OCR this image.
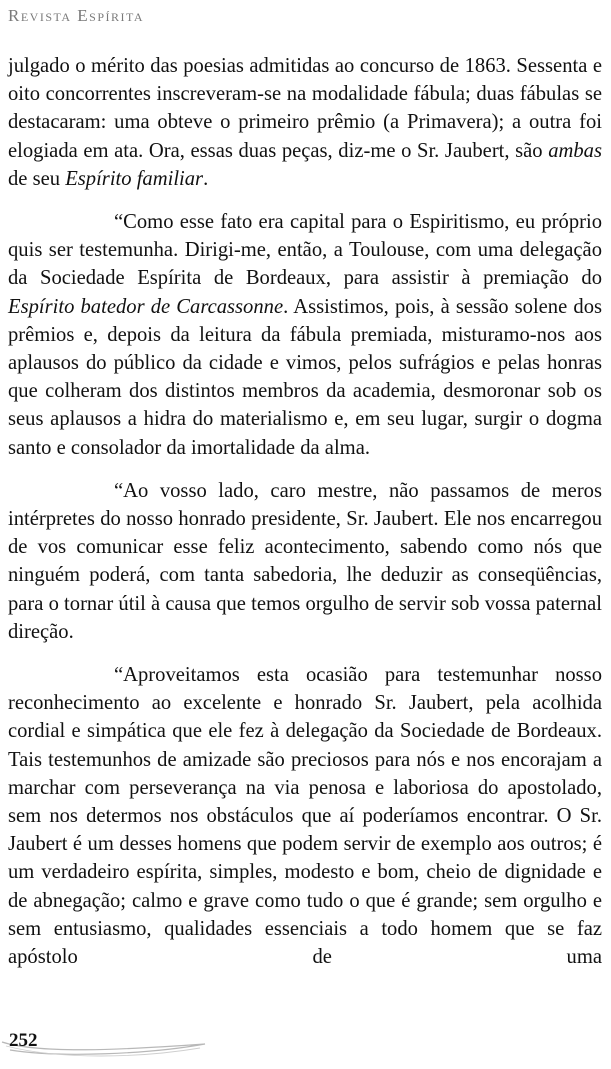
Revista Espírita

julgado o mérito das poesias admitidas ao concurso de 1863. Sessenta e oito concorrentes inscreveram-se na modalidade fábula; duas fábulas se destacaram: uma obteve o primeiro prêmio (a Primavera); a outra foi elogiada em ata. Ora, essas duas peças, diz-me o Sr. Jaubert, são ambas de seu Espírito familiar.

“Como esse fato era capital para o Espiritismo, eu próprio quis ser testemunha. Dirigi-me, então, a Toulouse, com uma delegação da Sociedade Espírita de Bordeaux, para assistir à premiação do Espírito batedor de Carcassonne. Assistimos, pois, à sessão solene dos prêmios e, depois da leitura da fábula premiada, misturamo-nos aos aplausos do público da cidade e vimos, pelos sufrágios e pelas honras que colheram dos distintos membros da academia, desmoronar sob os seus aplausos a hidra do materialismo e, em seu lugar, surgir o dogma santo e consolador da imortalidade da alma.

“Ao vosso lado, caro mestre, não passamos de meros intérpretes do nosso honrado presidente, Sr. Jaubert. Ele nos encarregou de vos comunicar esse feliz acontecimento, sabendo como nós que ninguém poderá, com tanta sabedoria, lhe deduzir as conseqüências, para o tornar útil à causa que temos orgulho de servir sob vossa paternal direção.

“Aproveitamos esta ocasião para testemunhar nosso reconhecimento ao excelente e honrado Sr. Jaubert, pela acolhida cordial e simpática que ele fez à delegação da Sociedade de Bordeaux. Tais testemunhos de amizade são preciosos para nós e nos encorajam a marchar com perseverança na via penosa e laboriosa do apostolado, sem nos determos nos obstáculos que aí poderíamos encontrar. O Sr. Jaubert é um desses homens que podem servir de exemplo aos outros; é um verdadeiro espírita, simples, modesto e bom, cheio de dignidade e de abnegação; calmo e grave como tudo o que é grande; sem orgulho e sem entusiasmo, qualidades essenciais a todo homem que se faz apóstolo de uma

252
